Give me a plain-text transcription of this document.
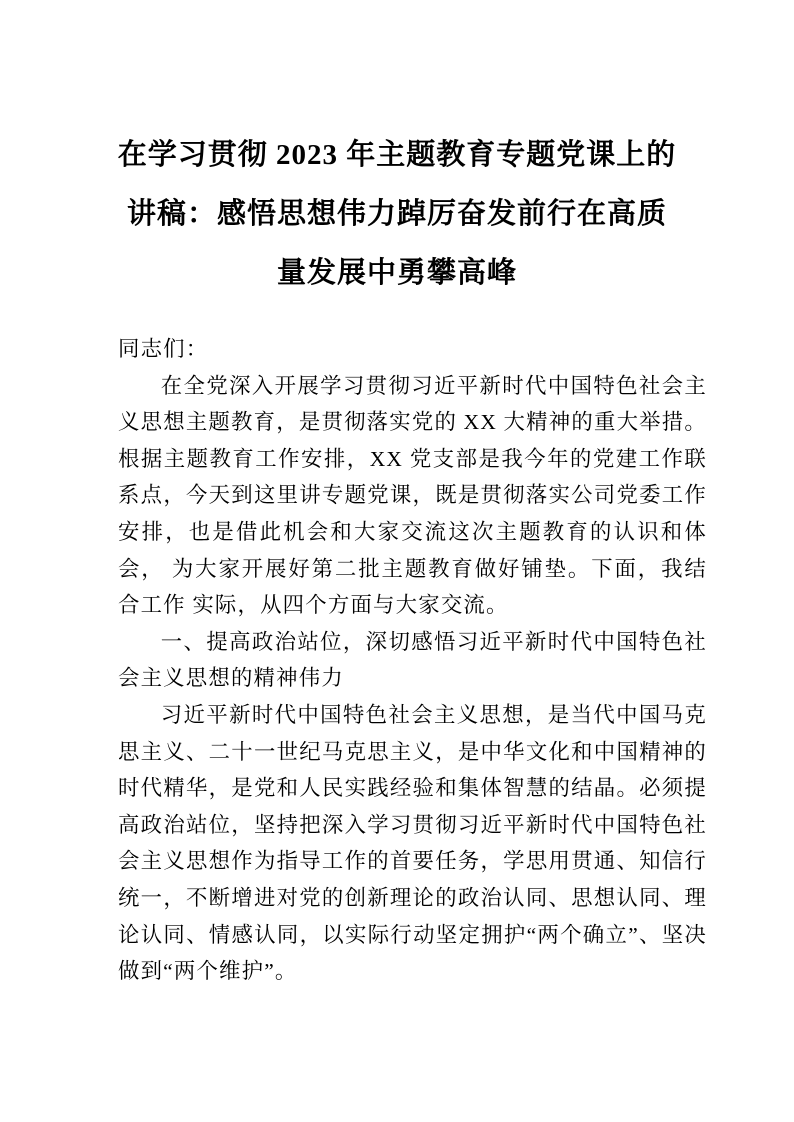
在学习贯彻 2023 年主题教育专题党课上的
讲稿：感悟思想伟力踔厉奋发前行在高质
量发展中勇攀高峰

同志们：

在全党深入开展学习贯彻习近平新时代中国特色社会主义思想主题教育，是贯彻落实党的 XX 大精神的重大举措。根据主题教育工作安排，XX 党支部是我今年的党建工作联系点，今天到这里讲专题党课，既是贯彻落实公司党委工作 安排，也是借此机会和大家交流这次主题教育的认识和体会， 为大家开展好第二批主题教育做好铺垫。下面，我结合工作 实际，从四个方面与大家交流。

一、提高政治站位，深切感悟习近平新时代中国特色社会主义思想的精神伟力

习近平新时代中国特色社会主义思想，是当代中国马克思主义、二十一世纪马克思主义，是中华文化和中国精神的时代精华，是党和人民实践经验和集体智慧的结晶。必须提高政治站位，坚持把深入学习贯彻习近平新时代中国特色社会主义思想作为指导工作的首要任务，学思用贯通、知信行统一，不断增进对党的创新理论的政治认同、思想认同、理论认同、情感认同，以实际行动坚定拥护“两个确立”、坚决做到“两个维护”。
